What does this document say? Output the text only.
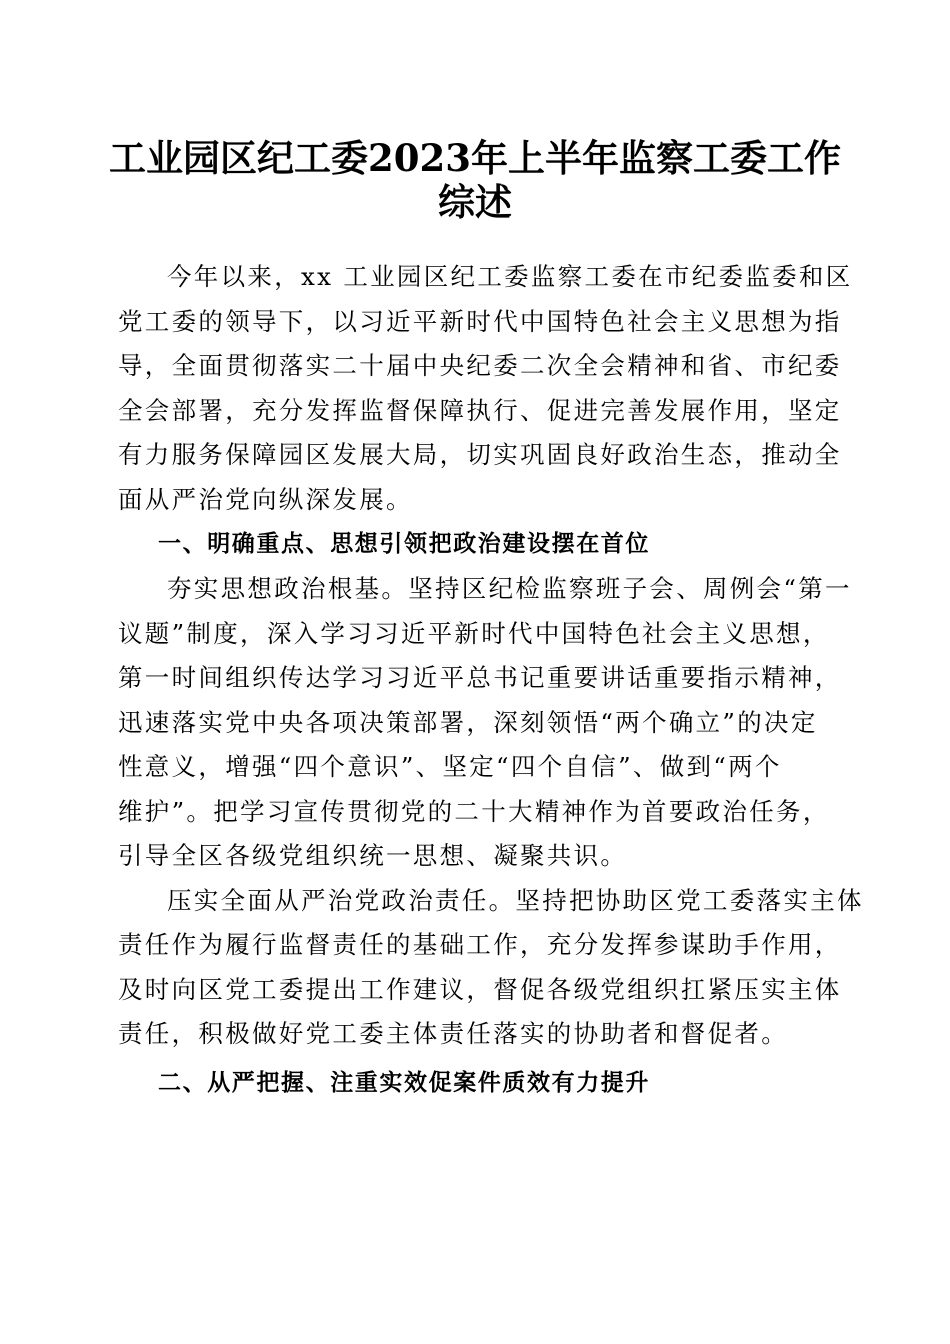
工业园区纪工委2023年上半年监察工委工作
综述
今年以来，xx 工业园区纪工委监察工委在市纪委监委和区
党工委的领导下，以习近平新时代中国特色社会主义思想为指
导，全面贯彻落实二十届中央纪委二次全会精神和省、市纪委
全会部署，充分发挥监督保障执行、促进完善发展作用，坚定
有力服务保障园区发展大局，切实巩固良好政治生态，推动全
面从严治党向纵深发展。
一、明确重点、思想引领把政治建设摆在首位
夯实思想政治根基。坚持区纪检监察班子会、周例会“第一
议题”制度，深入学习习近平新时代中国特色社会主义思想，
第一时间组织传达学习习近平总书记重要讲话重要指示精神，
迅速落实党中央各项决策部署，深刻领悟“两个确立”的决定
性意义，增强“四个意识”、坚定“四个自信”、做到“两个
维护”。把学习宣传贯彻党的二十大精神作为首要政治任务，
引导全区各级党组织统一思想、凝聚共识。
压实全面从严治党政治责任。坚持把协助区党工委落实主体
责任作为履行监督责任的基础工作，充分发挥参谋助手作用，
及时向区党工委提出工作建议，督促各级党组织扛紧压实主体
责任，积极做好党工委主体责任落实的协助者和督促者。
二、从严把握、注重实效促案件质效有力提升
